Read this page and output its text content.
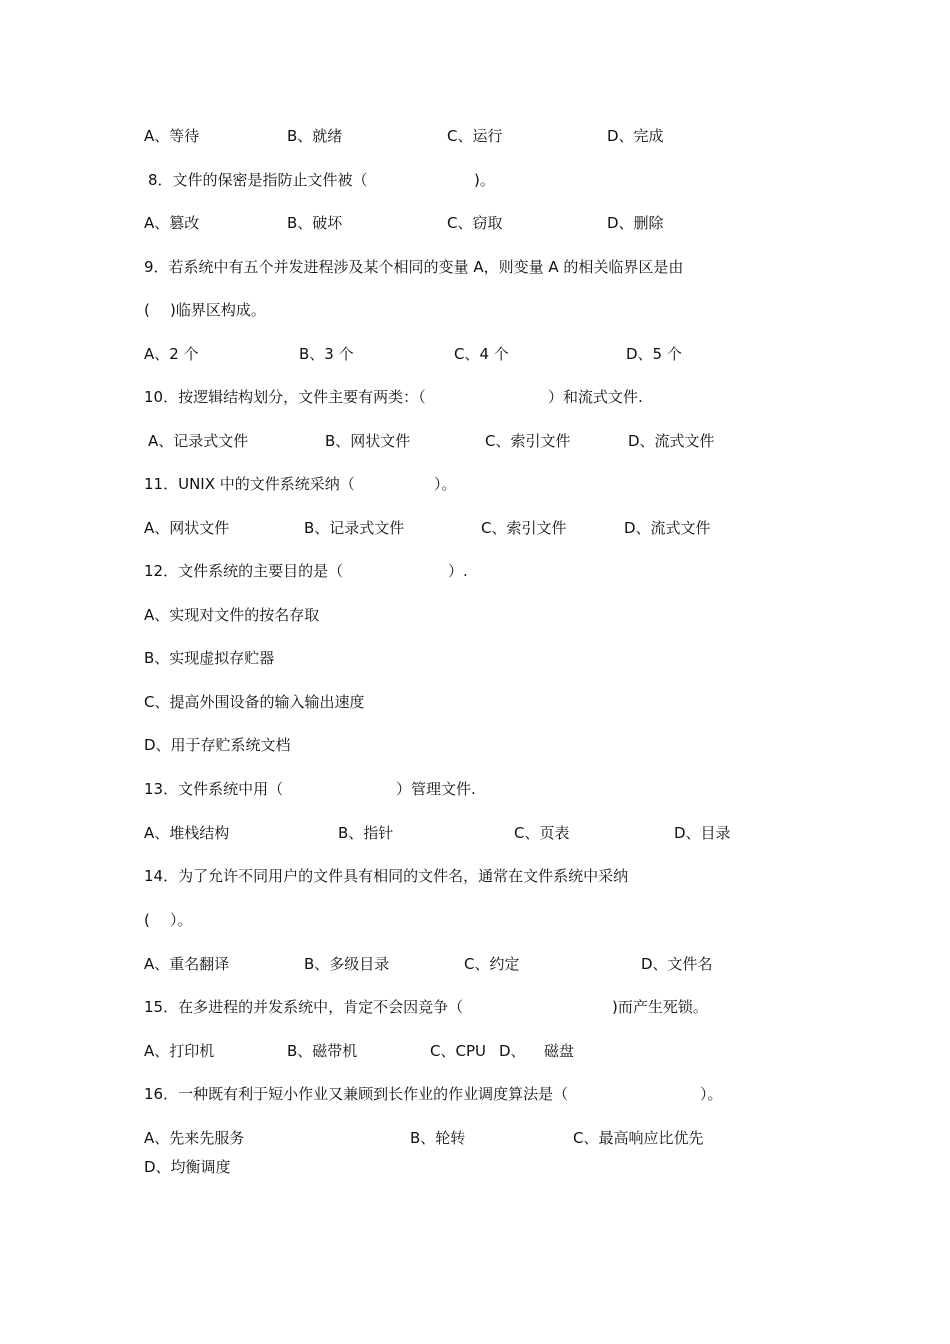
A、等待	B、就绪	C、运行	D、完成
8．文件的保密是指防止文件被（	)。
A、篡改	B、破坏	C、窃取	D、删除
9．若系统中有五个并发进程涉及某个相同的变量 A，则变量 A 的相关临界区是由
( )临界区构成。
A、2 个	B、3 个	C、4 个	D、5 个
10．按逻辑结构划分，文件主要有两类：（	）和流式文件.
A、记录式文件	B、网状文件	C、索引文件	D、流式文件
11．UNIX 中的文件系统采纳（	）。
A、网状文件	B、记录式文件	C、索引文件	D、流式文件
12．文件系统的主要目的是（	）.
A、实现对文件的按名存取
B、实现虚拟存贮器
C、提高外围设备的输入输出速度
D、用于存贮系统文档
13．文件系统中用（	）管理文件.
A、堆栈结构	B、指针	C、页表	D、目录
14．为了允许不同用户的文件具有相同的文件名，通常在文件系统中采纳
( ）。
A、重名翻译	B、多级目录	C、约定	D、文件名
15．在多进程的并发系统中，肯定不会因竞争（	)而产生死锁。
A、打印机	B、磁带机	C、CPU D、 磁盘
16．一种既有利于短小作业又兼顾到长作业的作业调度算法是（	）。
A、先来先服务	B、轮转	C、最高响应比优先
D、均衡调度
